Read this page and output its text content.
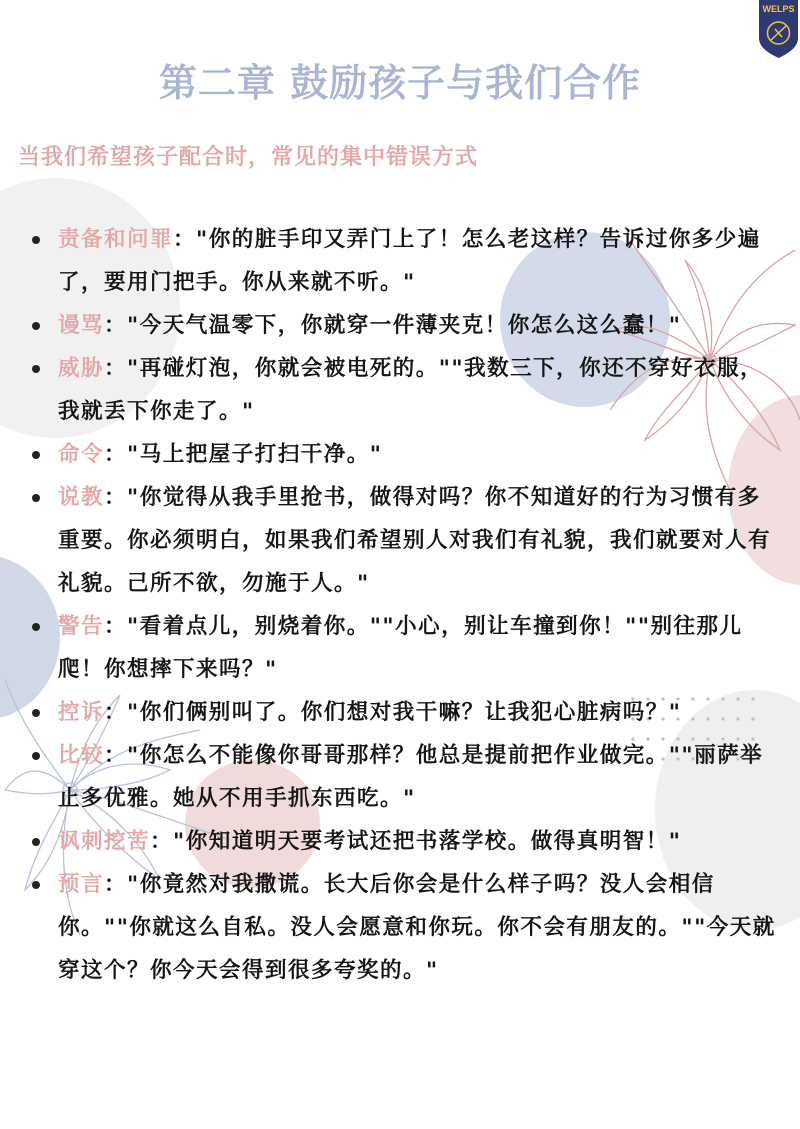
WELPS
第二章 鼓励孩子与我们合作
当我们希望孩子配合时，常见的集中错误方式
责备和问罪："你的脏手印又弄门上了！怎么老这样？告诉过你多少遍了，要用门把手。你从来就不听。"
谩骂："今天气温零下，你就穿一件薄夹克！你怎么这么蠢！"
威胁："再碰灯泡，你就会被电死的。""我数三下，你还不穿好衣服，我就丢下你走了。"
命令："马上把屋子打扫干净。"
说教："你觉得从我手里抢书，做得对吗？你不知道好的行为习惯有多重要。你必须明白，如果我们希望别人对我们有礼貌，我们就要对人有礼貌。己所不欲，勿施于人。"
警告："看着点儿，别烧着你。""小心，别让车撞到你！""别往那儿爬！你想摔下来吗？"
控诉："你们俩别叫了。你们想对我干嘛？让我犯心脏病吗？"
比较："你怎么不能像你哥哥那样？他总是提前把作业做完。""丽萨举止多优雅。她从不用手抓东西吃。"
讽刺挖苦："你知道明天要考试还把书落学校。做得真明智！"
预言："你竟然对我撒谎。长大后你会是什么样子吗？没人会相信你。""你就这么自私。没人会愿意和你玩。你不会有朋友的。""今天就穿这个？你今天会得到很多夸奖的。"
